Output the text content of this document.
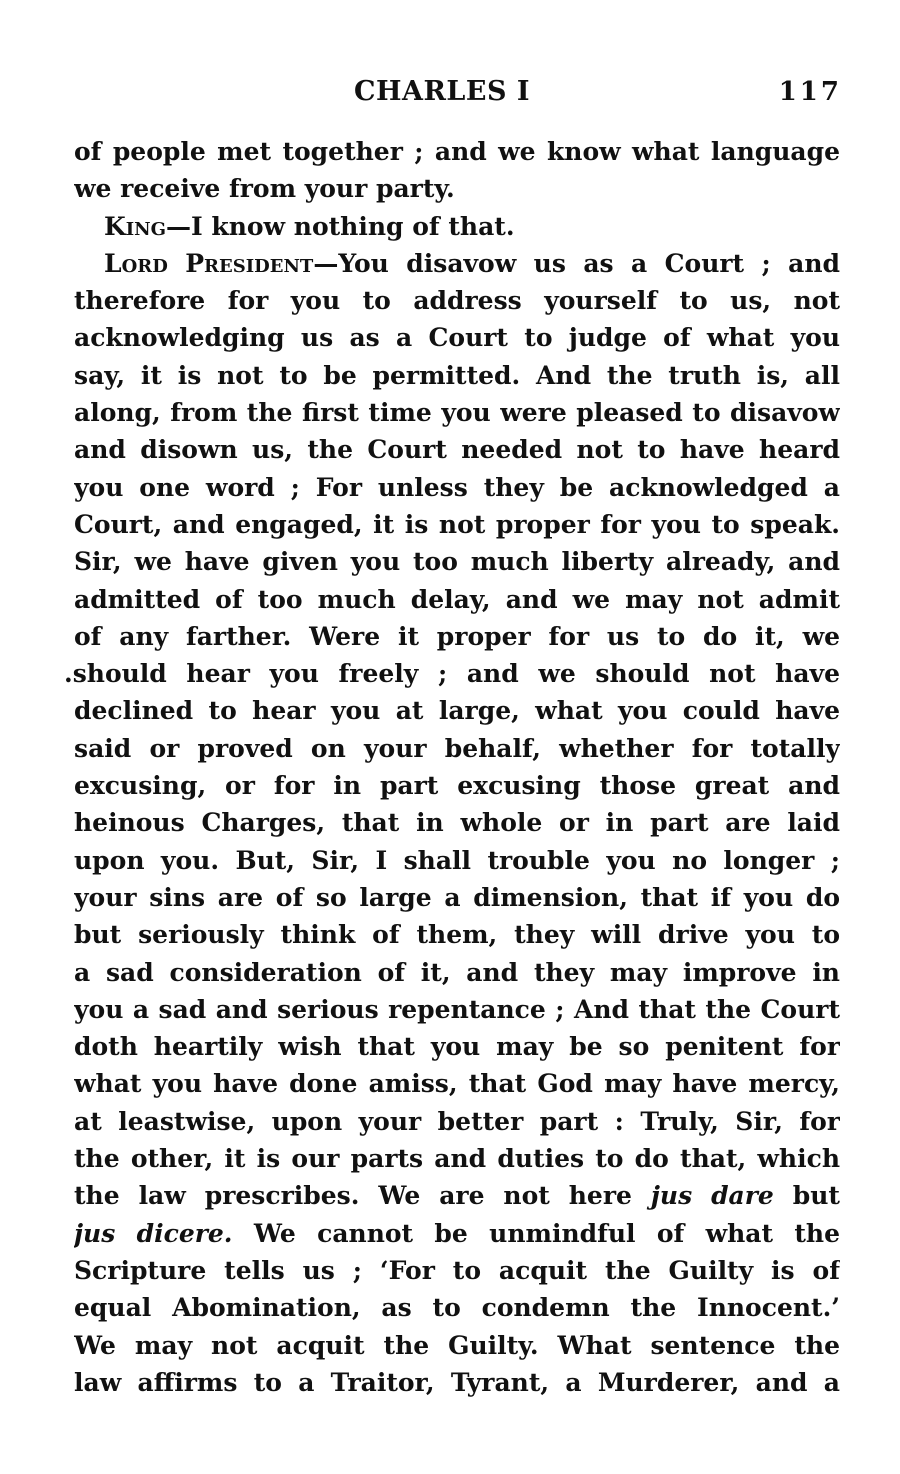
CHARLES I	117
of people met together ; and we know what language
we receive from your party.
King—I know nothing of that.
Lord President—You disavow us as a Court ; and
therefore for you to address yourself to us, not
acknowledging us as a Court to judge of what you
say, it is not to be permitted. And the truth is, all
along, from the first time you were pleased to disavow
and disown us, the Court needed not to have heard
you one word ; For unless they be acknowledged a
Court, and engaged, it is not proper for you to speak.
Sir, we have given you too much liberty already, and
admitted of too much delay, and we may not admit
of any farther. Were it proper for us to do it, we
.should hear you freely ; and we should not have
declined to hear you at large, what you could have
said or proved on your behalf, whether for totally
excusing, or for in part excusing those great and
heinous Charges, that in whole or in part are laid
upon you. But, Sir, I shall trouble you no longer ;
your sins are of so large a dimension, that if you do
but seriously think of them, they will drive you to
a sad consideration of it, and they may improve in
you a sad and serious repentance ; And that the Court
doth heartily wish that you may be so penitent for
what you have done amiss, that God may have mercy,
at leastwise, upon your better part : Truly, Sir, for
the other, it is our parts and duties to do that, which
the law prescribes. We are not here jus dare but
jus dicere. We cannot be unmindful of what the
Scripture tells us ; ‘For to acquit the Guilty is of
equal Abomination, as to condemn the Innocent.’
We may not acquit the Guilty. What sentence the
law affirms to a Traitor, Tyrant, a Murderer, and a
